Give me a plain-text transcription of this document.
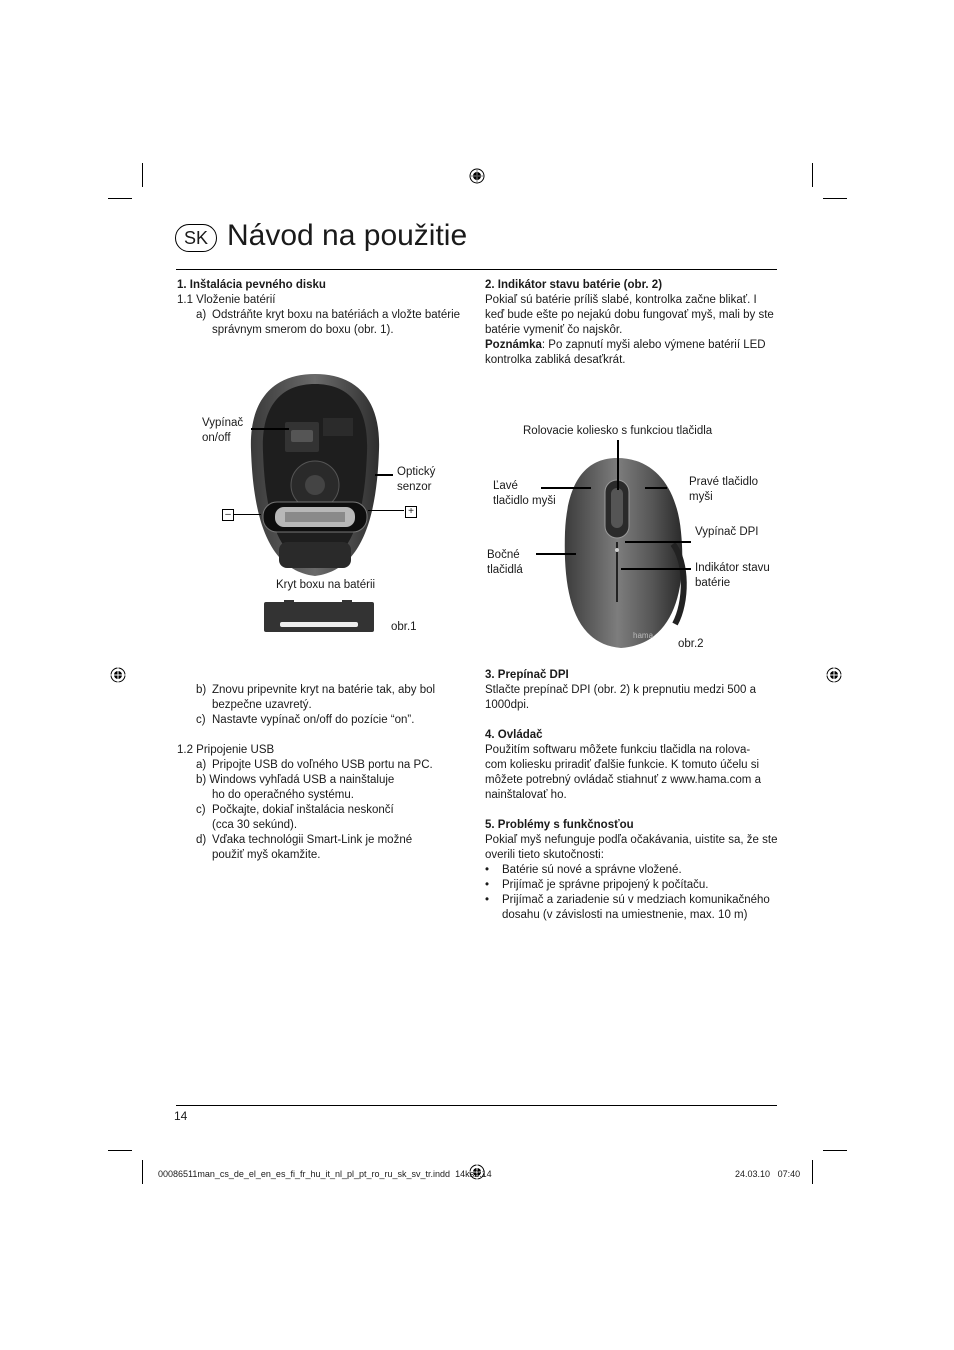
SK Návod na použitie
1. Inštalácia pevného disku
1.1 Vloženie batérií
a) Odstráňte kryt boxu na batériách a vložte batérie
správnym smerom do boxu (obr. 1).
Vypínač
on/off
Optický
senzor
–	+
Kryt boxu na batérii
obr.1
b) Znovu pripevnite kryt na batérie tak, aby bol
bezpečne uzavretý.
c) Nastavte vypínač on/off do pozície “on”.
1.2 Pripojenie USB
a) Pripojte USB do voľného USB portu na PC.
b) Windows vyhľadá USB a nainštaluje
ho do operačného systému.
c) Počkajte, dokiaľ inštalácia neskončí
(cca 30 sekúnd).
d) Vďaka technológii Smart-Link je možné
použiť myš okamžite.
2. Indikátor stavu batérie (obr. 2)
Pokiaľ sú batérie príliš slabé, kontrolka začne blikať. I
keď bude ešte po nejakú dobu fungovať myš, mali by ste
batérie vymeniť čo najskôr.
Poznámka: Po zapnutí myši alebo výmene batérií LED
kontrolka zabliká desaťkrát.
Rolovacie koliesko s funkciou tlačidla
hama
Ľavé
tlačidlo myši
Pravé tlačidlo
myši
Vypínač DPI
Bočné
tlačidlá	Indikátor stavu
batérie
obr.2
3. Prepínač DPI
Stlačte prepínač DPI (obr. 2) k prepnutiu medzi 500 a
1000dpi.
4. Ovládač
Použitím softwaru môžete funkciu tlačidla na rolova-
com koliesku priradiť ďalšie funkcie. K tomuto účelu si
môžete potrebný ovládač stiahnuť z www.hama.com a
nainštalovať ho.
5. Problémy s funkčnosťou
Pokiaľ myš nefunguje podľa očakávania, uistite sa, že ste
overili tieto skutočnosti:
• Batérie sú nové a správne vložené.
• Prijímač je správne pripojený k počítaču.
• Prijímač a zariadenie sú v medziach komunikačného
dosahu (v závislosti na umiestnenie, max. 10 m)
14
00086511man_cs_de_el_en_es_fi_fr_hu_it_nl_pl_pt_ro_ru_sk_sv_tr.indd 14ks2:14	24.03.10 07:40
